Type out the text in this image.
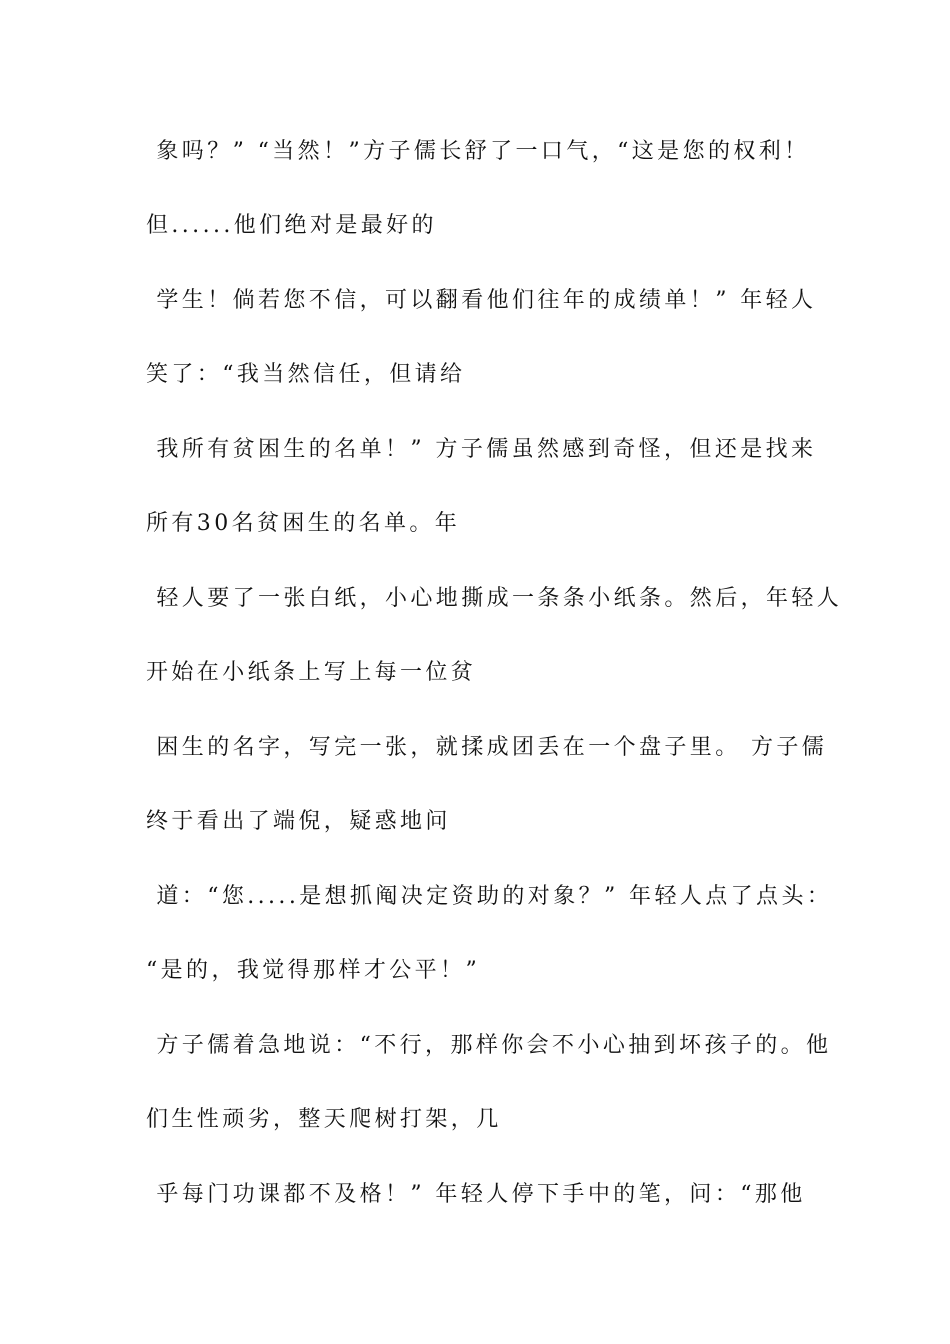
象吗？” “当然！”方子儒长舒了一口气，“这是您的权利！
但......他们绝对是最好的
学生！倘若您不信，可以翻看他们往年的成绩单！” 年轻人
笑了：“我当然信任，但请给
我所有贫困生的名单！” 方子儒虽然感到奇怪，但还是找来
所有30名贫困生的名单。年
轻人要了一张白纸，小心地撕成一条条小纸条。然后，年轻人
开始在小纸条上写上每一位贫
困生的名字，写完一张，就揉成团丢在一个盘子里。 方子儒
终于看出了端倪，疑惑地问
道：“您.....是想抓阄决定资助的对象？” 年轻人点了点头：
“是的，我觉得那样才公平！”
方子儒着急地说：“不行，那样你会不小心抽到坏孩子的。他
们生性顽劣，整天爬树打架，几
乎每门功课都不及格！” 年轻人停下手中的笔，问：“那他
